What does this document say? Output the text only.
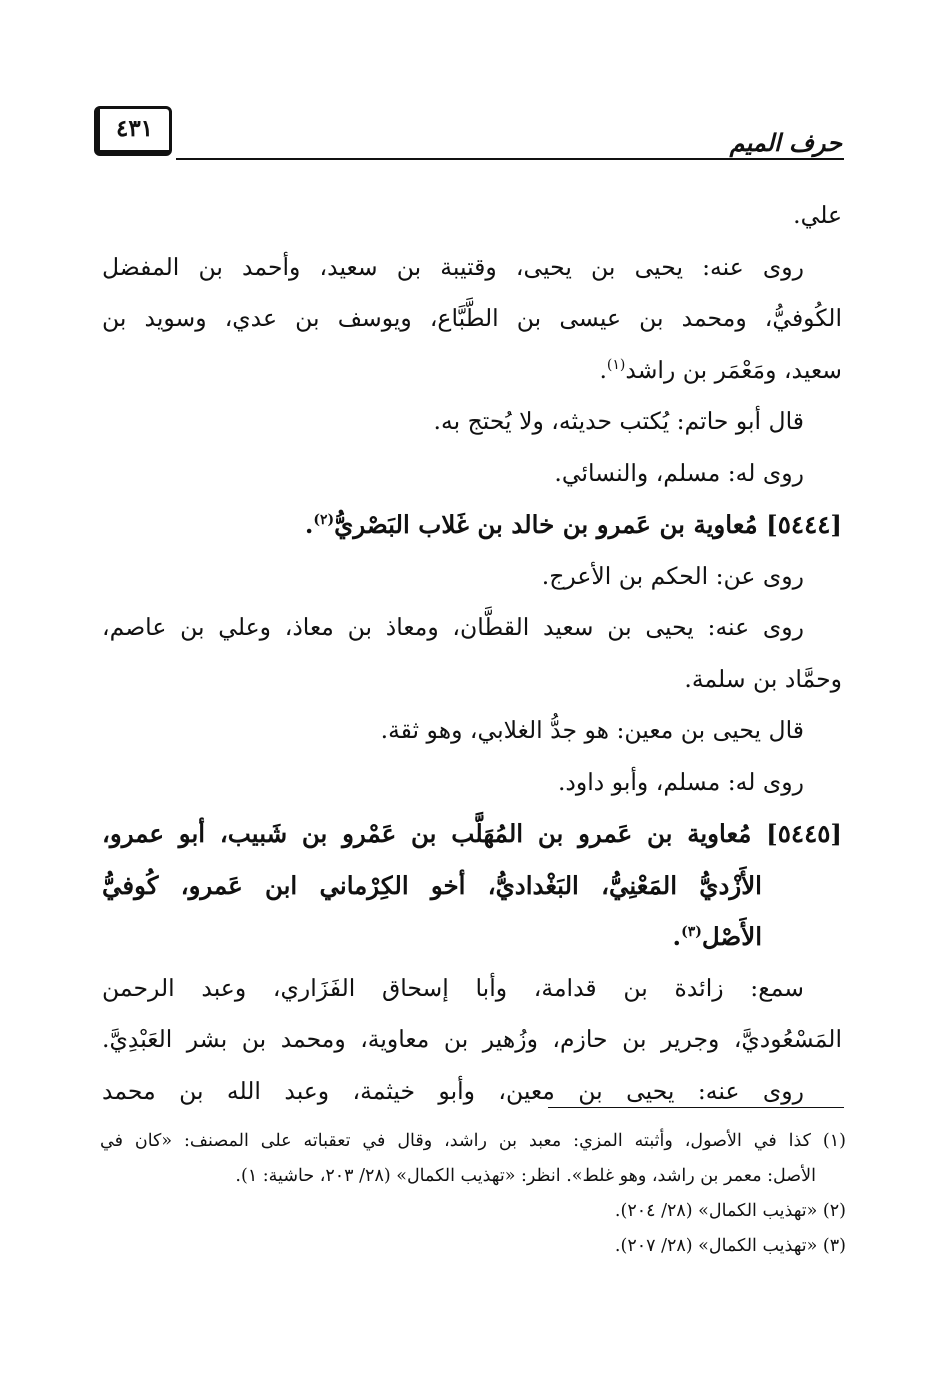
حرف الميم
٤٣١
علي.
روى عنه: يحيى بن يحيى، وقتيبة بن سعيد، وأحمد بن المفضل
الكُوفيُّ، ومحمد بن عيسى بن الطَّبَّاع، ويوسف بن عدي، وسويد بن
سعيد، ومَعْمَر بن راشد$^{(١)}$.
قال أبو حاتم: يُكتب حديثه، ولا يُحتج به.
روى له: مسلم، والنسائي.
[٥٤٤٤] مُعاوية بن عَمرو بن خالد بن غَلاب البَصْريُّ$^{(٢)}$.
روى عن: الحكم بن الأعرج.
روى عنه: يحيى بن سعيد القطَّان، ومعاذ بن معاذ، وعلي بن عاصم،
وحمَّاد بن سلمة.
قال يحيى بن معين: هو جدُّ الغلابي، وهو ثقة.
روى له: مسلم، وأبو داود.
[٥٤٤٥] مُعاوية بن عَمرو بن المُهَلَّب بن عَمْرو بن شَبيب، أبو عمرو،
الأَزْديُّ المَعْنِيُّ، البَغْداديُّ، أخو الكِرْماني ابن عَمرو، كُوفيُّ
الأَصْل$^{(٣)}$.
سمع: زائدة بن قدامة، وأبا إسحاق الفَزَاري، وعبد الرحمن
المَسْعُوديَّ، وجرير بن حازم، وزُهير بن معاوية، ومحمد بن بشر العَبْدِيَّ.
روى عنه: يحيى بن معين، وأبو خيثمة، وعبد الله بن محمد
(١) كذا في الأصول، وأثبته المزي: معبد بن راشد، وقال في تعقباته على المصنف: «كان في
الأصل: معمر بن راشد، وهو غلط». انظر: «تهذيب الكمال» (٢٨/ ٢٠٣، حاشية: ١).
(٢) «تهذيب الكمال» (٢٨/ ٢٠٤).
(٣) «تهذيب الكمال» (٢٨/ ٢٠٧).
